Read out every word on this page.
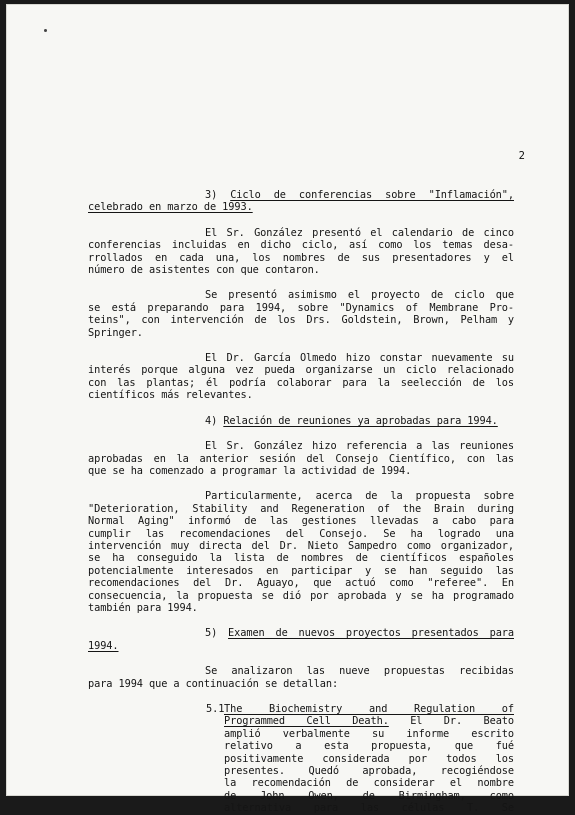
2
3) Ciclo de conferencias sobre "Inflamación",
celebrado en marzo de 1993.
El Sr. González presentó el calendario de cinco
conferencias incluidas en dicho ciclo, así como los temas desa-
rrollados en cada una, los nombres de sus presentadores y el
número de asistentes con que contaron.
Se presentó asimismo el proyecto de ciclo que
se está preparando para 1994, sobre "Dynamics of Membrane Pro-
teins", con intervención de los Drs. Goldstein, Brown, Pelham y
Springer.
El Dr. García Olmedo hizo constar nuevamente su
interés porque alguna vez pueda organizarse un ciclo relacionado
con las plantas; él podría colaborar para la seelección de los
científicos más relevantes.
4) Relación de reuniones ya aprobadas para 1994.
El Sr. González hizo referencia a las reuniones
aprobadas en la anterior sesión del Consejo Científico, con las
que se ha comenzado a programar la actividad de 1994.
Particularmente, acerca de la propuesta sobre
"Deterioration, Stability and Regeneration of the Brain during
Normal Aging" informó de las gestiones llevadas a cabo para
cumplir las recomendaciones del Consejo. Se ha logrado una
intervención muy directa del Dr. Nieto Sampedro como organizador,
se ha conseguido la lista de nombres de científicos españoles
potencialmente interesados en participar y se han seguido las
recomendaciones del Dr. Aguayo, que actuó como "referee". En
consecuencia, la propuesta se dió por aprobada y se ha programado
también para 1994.
5) Examen de nuevos proyectos presentados para
1994.
Se analizaron las nueve propuestas recibidas
para 1994 que a continuación se detallan:
5.1 The Biochemistry and Regulation of
Programmed Cell Death. El Dr. Beato
amplió verbalmente su informe escrito
relativo a esta propuesta, que fué
positivamente considerada por todos los
presentes. Quedó aprobada, recogiéndose
la recomendación de considerar el nombre
de John Owen, de Birmingham, como
alternativa para las células T. Se
